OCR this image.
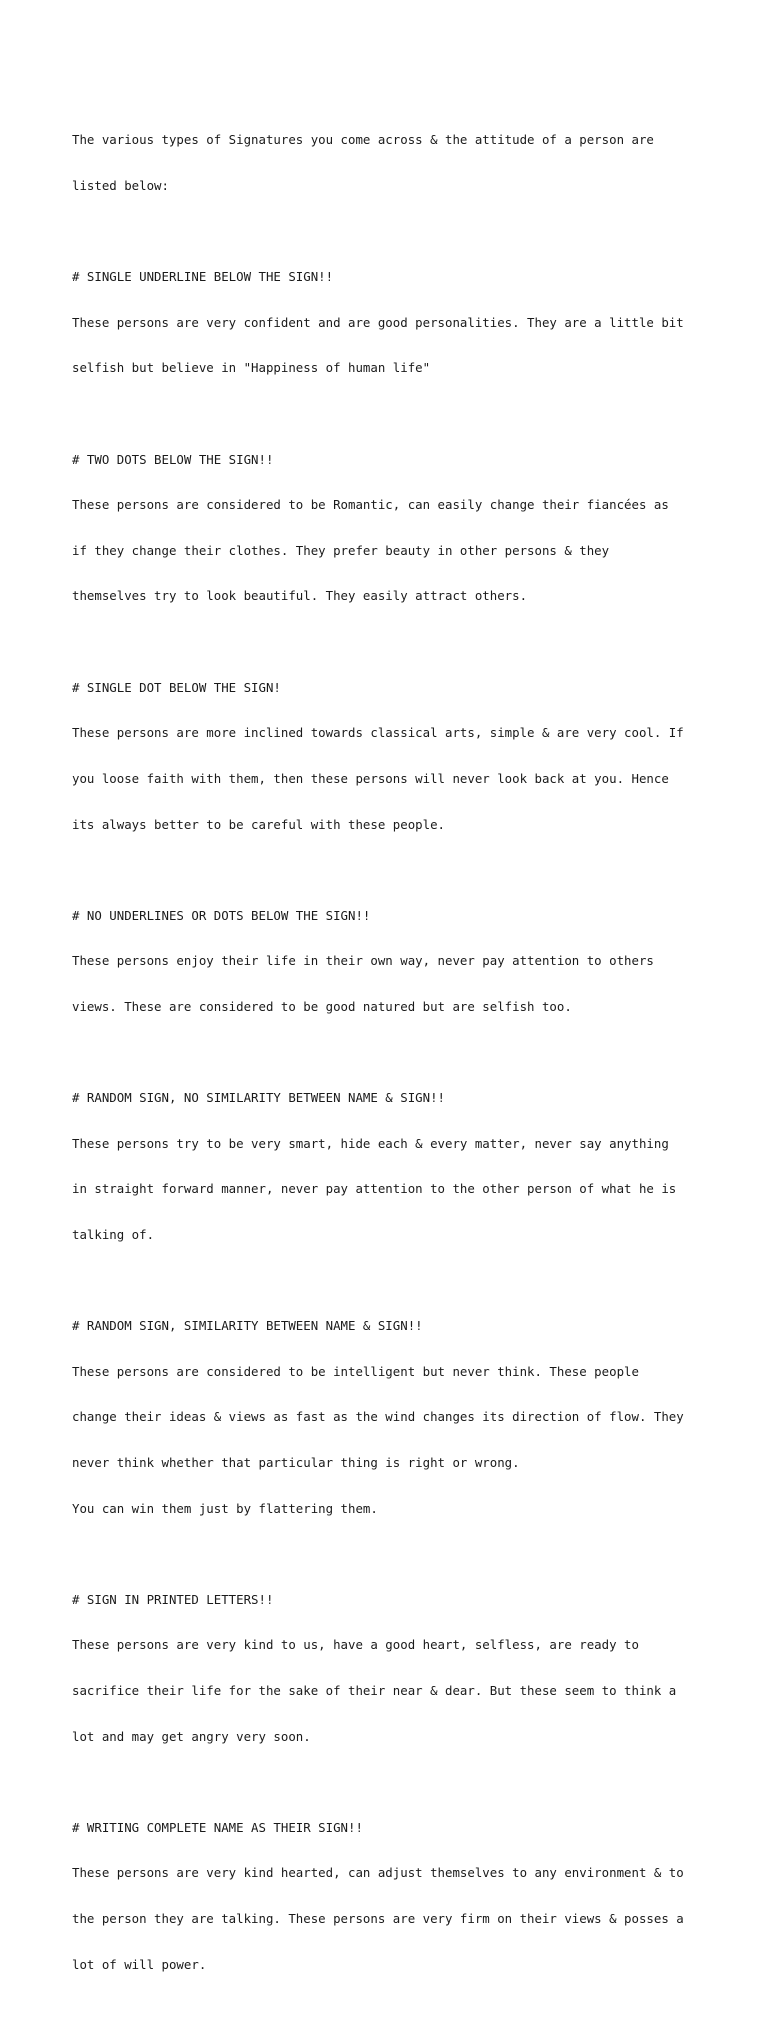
The various types of Signatures you come across & the attitude of a person are

listed below:

# SINGLE UNDERLINE BELOW THE SIGN!!

These persons are very confident and are good personalities. They are a little bit

selfish but believe in "Happiness of human life"

# TWO DOTS BELOW THE SIGN!!

These persons are considered to be Romantic, can easily change their fiancées as

if they change their clothes. They prefer beauty in other persons & they

themselves try to look beautiful. They easily attract others.

# SINGLE DOT BELOW THE SIGN!

These persons are more inclined towards classical arts, simple & are very cool. If

you loose faith with them, then these persons will never look back at you. Hence

its always better to be careful with these people.

# NO UNDERLINES OR DOTS BELOW THE SIGN!!

These persons enjoy their life in their own way, never pay attention to others

views. These are considered to be good natured but are selfish too.

# RANDOM SIGN, NO SIMILARITY BETWEEN NAME & SIGN!!

These persons try to be very smart, hide each & every matter, never say anything

in straight forward manner, never pay attention to the other person of what he is

talking of.

# RANDOM SIGN, SIMILARITY BETWEEN NAME & SIGN!!

These persons are considered to be intelligent but never think. These people

change their ideas & views as fast as the wind changes its direction of flow. They

never think whether that particular thing is right or wrong.

You can win them just by flattering them.

# SIGN IN PRINTED LETTERS!!

These persons are very kind to us, have a good heart, selfless, are ready to

sacrifice their life for the sake of their near & dear. But these seem to think a

lot and may get angry very soon.

# WRITING COMPLETE NAME AS THEIR SIGN!!

These persons are very kind hearted, can adjust themselves to any environment & to

the person they are talking. These persons are very firm on their views & posses a

lot of will power.
